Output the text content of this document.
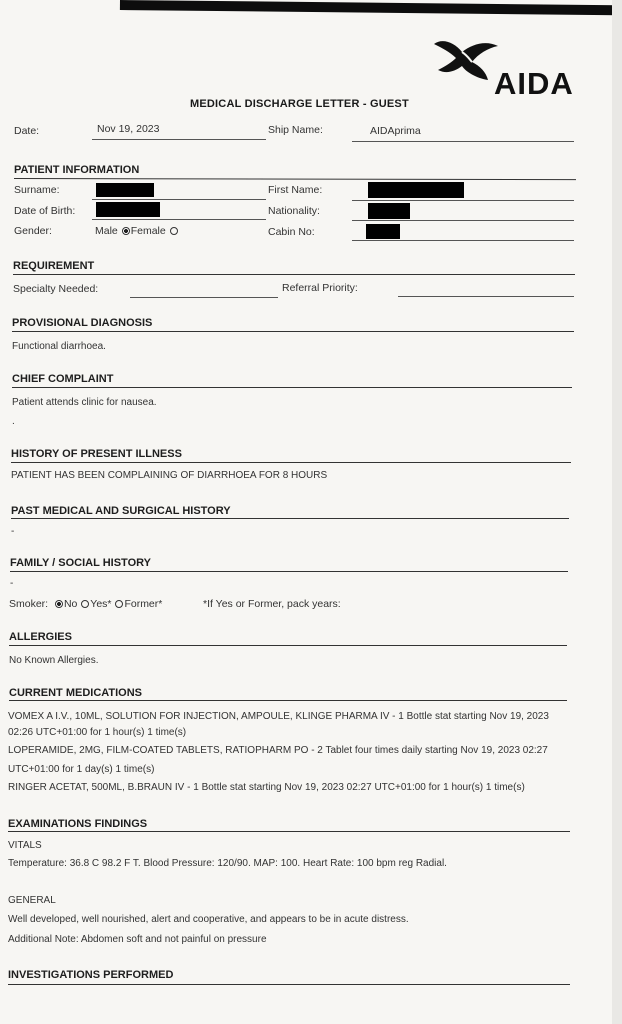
AIDA
MEDICAL DISCHARGE LETTER - GUEST
Date:	Nov 19, 2023	Ship Name:	AIDAprima
PATIENT INFORMATION
Surname:	First Name:
Date of Birth:	Nationality:
Gender:	Male Female	Cabin No:
REQUIREMENT
Specialty Needed:	Referral Priority:
PROVISIONAL DIAGNOSIS
Functional diarrhoea.
CHIEF COMPLAINT
Patient attends clinic for nausea.
.
HISTORY OF PRESENT ILLNESS
PATIENT HAS BEEN COMPLAINING OF DIARRHOEA FOR 8 HOURS
PAST MEDICAL AND SURGICAL HISTORY
-
FAMILY / SOCIAL HISTORY
-
Smoker: No Yes* Former*	*If Yes or Former, pack years:
ALLERGIES
No Known Allergies.
CURRENT MEDICATIONS
VOMEX A I.V., 10ML, SOLUTION FOR INJECTION, AMPOULE, KLINGE PHARMA IV - 1 Bottle stat starting Nov 19, 2023
02:26 UTC+01:00 for 1 hour(s) 1 time(s)
LOPERAMIDE, 2MG, FILM-COATED TABLETS, RATIOPHARM PO - 2 Tablet four times daily starting Nov 19, 2023 02:27
UTC+01:00 for 1 day(s) 1 time(s)
RINGER ACETAT, 500ML, B.BRAUN IV - 1 Bottle stat starting Nov 19, 2023 02:27 UTC+01:00 for 1 hour(s) 1 time(s)
EXAMINATIONS FINDINGS
VITALS
Temperature: 36.8 C 98.2 F T. Blood Pressure: 120/90. MAP: 100. Heart Rate: 100 bpm reg Radial.
GENERAL
Well developed, well nourished, alert and cooperative, and appears to be in acute distress.
Additional Note: Abdomen soft and not painful on pressure
INVESTIGATIONS PERFORMED
